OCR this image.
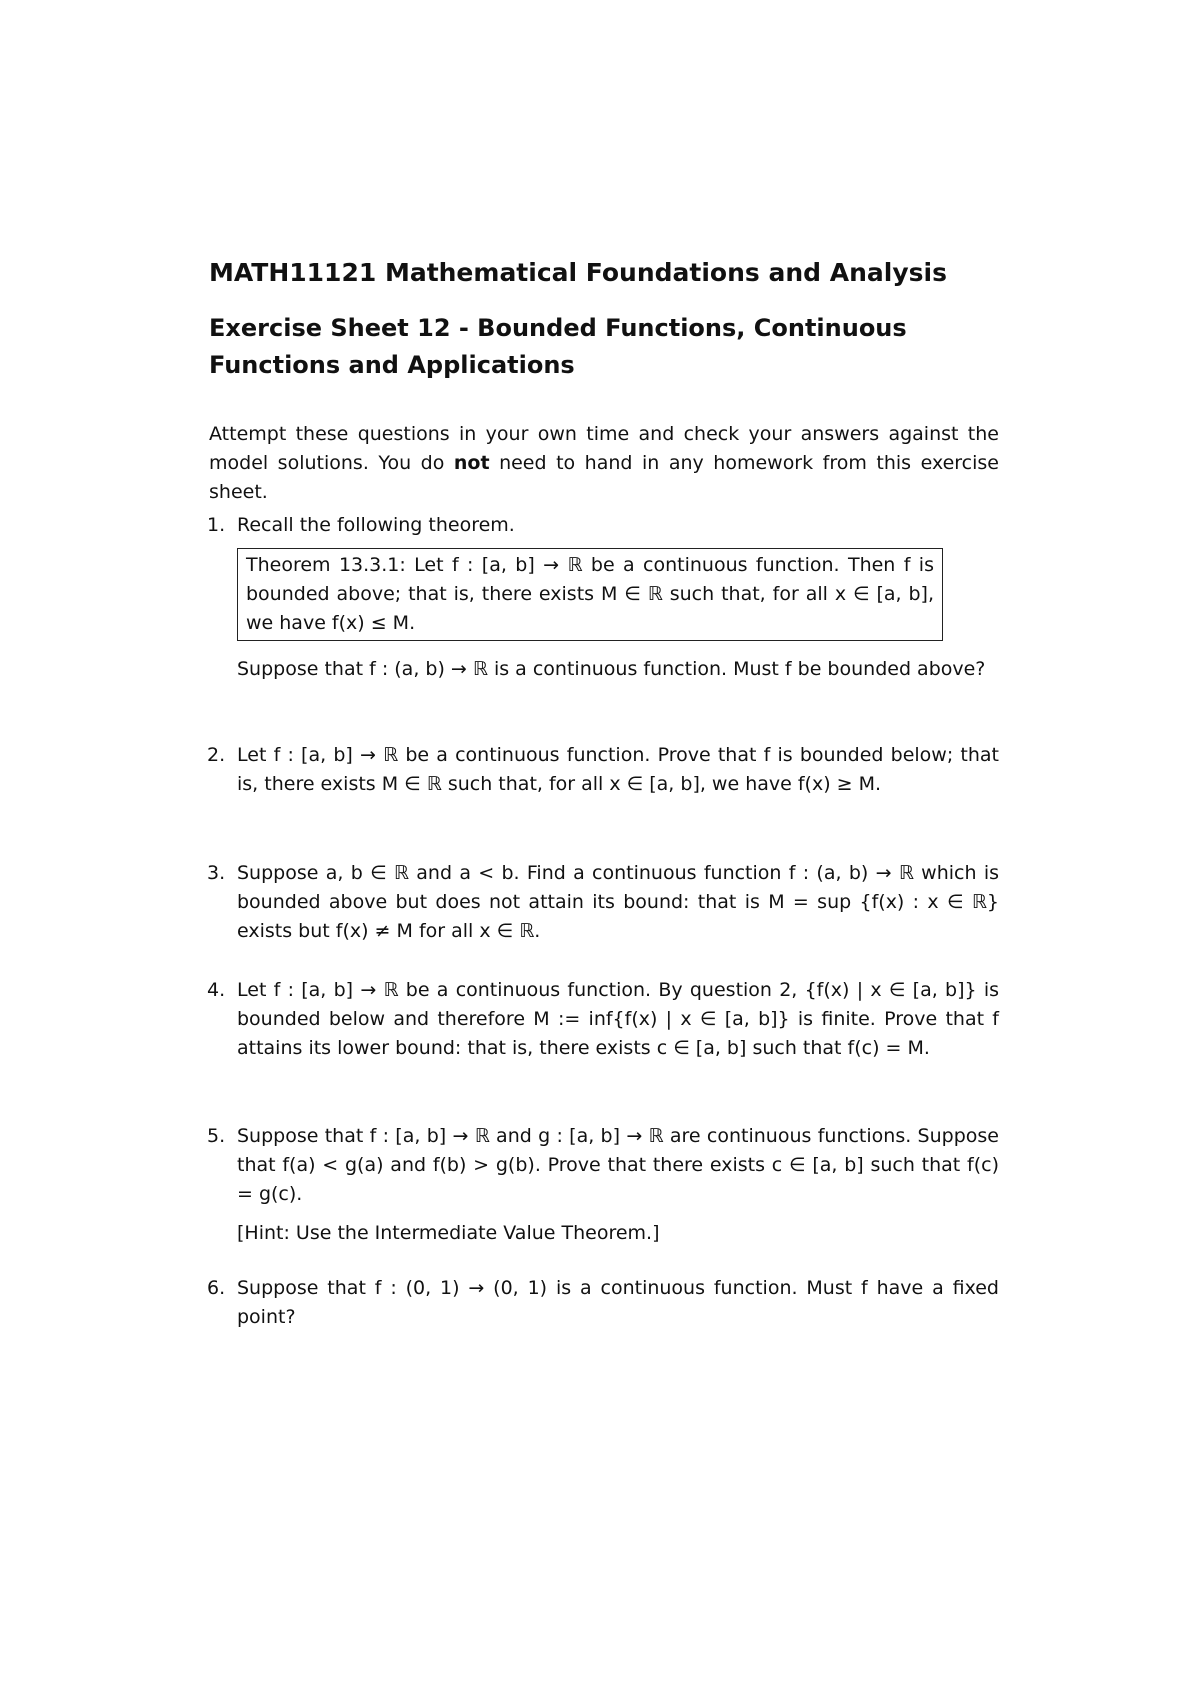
MATH11121 Mathematical Foundations and Analysis
Exercise Sheet 12 - Bounded Functions, Continuous Functions and Applications
Attempt these questions in your own time and check your answers against the model solutions. You do not need to hand in any homework from this exercise sheet.
1. Recall the following theorem.
Theorem 13.3.1: Let f : [a, b] → ℝ be a continuous function. Then f is bounded above; that is, there exists M ∈ ℝ such that, for all x ∈ [a, b], we have f(x) ≤ M.
Suppose that f : (a, b) → ℝ is a continuous function. Must f be bounded above?
2. Let f : [a, b] → ℝ be a continuous function. Prove that f is bounded below; that is, there exists M ∈ ℝ such that, for all x ∈ [a, b], we have f(x) ≥ M.
3. Suppose a, b ∈ ℝ and a < b. Find a continuous function f : (a, b) → ℝ which is bounded above but does not attain its bound: that is M = sup {f(x) : x ∈ ℝ} exists but f(x) ≠ M for all x ∈ ℝ.
4. Let f : [a, b] → ℝ be a continuous function. By question 2, {f(x) | x ∈ [a, b]} is bounded below and therefore M := inf{f(x) | x ∈ [a, b]} is finite. Prove that f attains its lower bound: that is, there exists c ∈ [a, b] such that f(c) = M.
5. Suppose that f : [a, b] → ℝ and g : [a, b] → ℝ are continuous functions. Suppose that f(a) < g(a) and f(b) > g(b). Prove that there exists c ∈ [a, b] such that f(c) = g(c).
[Hint: Use the Intermediate Value Theorem.]
6. Suppose that f : (0, 1) → (0, 1) is a continuous function. Must f have a fixed point?
